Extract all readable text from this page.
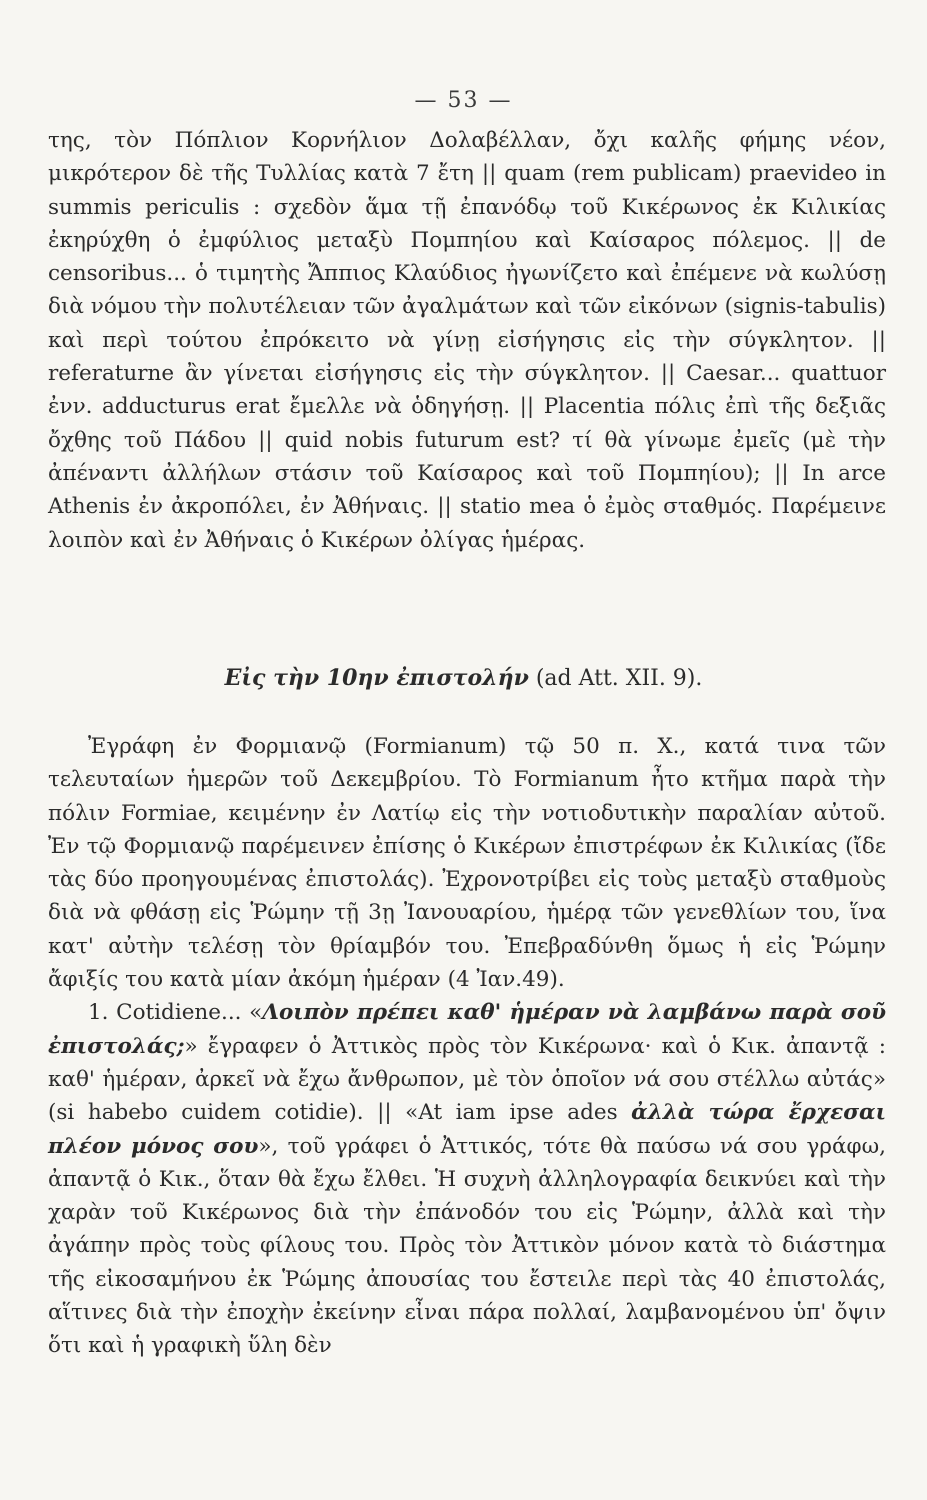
— 53 —

της, τὸν Πόπλιον Κορνήλιον Δολαβέλλαν, ὄχι καλῆς φήμης νέον, μικρότερον δὲ τῆς Τυλλίας κατὰ 7 ἔτη || quam (rem publicam) praevideo in summis periculis : σχεδὸν ἅμα τῇ ἐπανόδῳ τοῦ Κικέρωνος ἐκ Κιλικίας ἐκηρύχθη ὁ ἐμφύλιος μεταξὺ Πομπηίου καὶ Καίσαρος πόλεμος. || de censoribus... ὁ τιμητὴς Ἄππιος Κλαύδιος ἠγωνίζετο καὶ ἐπέμενε νὰ κωλύσῃ διὰ νόμου τὴν πολυτέλειαν τῶν ἀγαλμάτων καὶ τῶν εἰκόνων (signis-tabulis) καὶ περὶ τούτου ἐπρόκειτο νὰ γίνῃ εἰσήγησις εἰς τὴν σύγκλητον. || referaturne ἂν γίνεται εἰσήγησις εἰς τὴν σύγκλητον. || Caesar... quattuor ἐνν. adducturus erat ἔμελλε νὰ ὁδηγήσῃ. || Placentia πόλις ἐπὶ τῆς δεξιᾶς ὄχθης τοῦ Πάδου || quid nobis futurum est? τί θὰ γίνωμε ἐμεῖς (μὲ τὴν ἀπέναντι ἀλλήλων στάσιν τοῦ Καίσαρος καὶ τοῦ Πομπηίου); || In arce Athenis ἐν ἀκροπόλει, ἐν Ἀθήναις. || statio mea ὁ ἐμὸς σταθμός. Παρέμεινε λοιπὸν καὶ ἐν Ἀθήναις ὁ Κικέρων ὀλίγας ἡμέρας.

Εἰς τὴν 10ην ἐπιστολήν (ad Att. XII. 9).

Ἐγράφη ἐν Φορμιανῷ (Formianum) τῷ 50 π. Χ., κατά τινα τῶν τελευταίων ἡμερῶν τοῦ Δεκεμβρίου. Τὸ Formianum ἦτο κτῆμα παρὰ τὴν πόλιν Formiae, κειμένην ἐν Λατίῳ εἰς τὴν νοτιοδυτικὴν παραλίαν αὐτοῦ. Ἐν τῷ Φορμιανῷ παρέμεινεν ἐπίσης ὁ Κικέρων ἐπιστρέφων ἐκ Κιλικίας (ἴδε τὰς δύο προηγουμένας ἐπιστολάς). Ἐχρονοτρίβει εἰς τοὺς μεταξὺ σταθμοὺς διὰ νὰ φθάσῃ εἰς Ῥώμην τῇ 3ῃ Ἰανουαρίου, ἡμέρᾳ τῶν γενεθλίων του, ἵνα κατ' αὐτὴν τελέσῃ τὸν θρίαμβόν του. Ἐπεβραδύνθη ὅμως ἡ εἰς Ῥώμην ἄφιξίς του κατὰ μίαν ἀκόμη ἡμέραν (4 Ἰαν.49).

1. Cotidiene... «Λοιπὸν πρέπει καθ' ἡμέραν νὰ λαμβάνω παρὰ σοῦ ἐπιστολάς;» ἔγραφεν ὁ Ἀττικὸς πρὸς τὸν Κικέρωνα· καὶ ὁ Κικ. ἀπαντᾷ : καθ' ἡμέραν, ἀρκεῖ νὰ ἔχω ἄνθρωπον, μὲ τὸν ὁποῖον νά σου στέλλω αὐτάς» (si habebo cuidem cotidie). || «At iam ipse ades ἀλλὰ τώρα ἔρχεσαι πλέον μόνος σου», τοῦ γράφει ὁ Ἀττικός, τότε θὰ παύσω νά σου γράφω, ἀπαντᾷ ὁ Κικ., ὅταν θὰ ἔχω ἔλθει. Ἡ συχνὴ ἀλληλογραφία δεικνύει καὶ τὴν χαρὰν τοῦ Κικέρωνος διὰ τὴν ἐπάνοδόν του εἰς Ῥώμην, ἀλλὰ καὶ τὴν ἀγάπην πρὸς τοὺς φίλους του. Πρὸς τὸν Ἀττικὸν μόνον κατὰ τὸ διάστημα τῆς εἰκοσαμήνου ἐκ Ῥώμης ἀπουσίας του ἔστειλε περὶ τὰς 40 ἐπιστολάς, αἵτινες διὰ τὴν ἐποχὴν ἐκείνην εἶναι πάρα πολλαί, λαμβανομένου ὑπ' ὄψιν ὅτι καὶ ἡ γραφικὴ ὕλη δὲν
